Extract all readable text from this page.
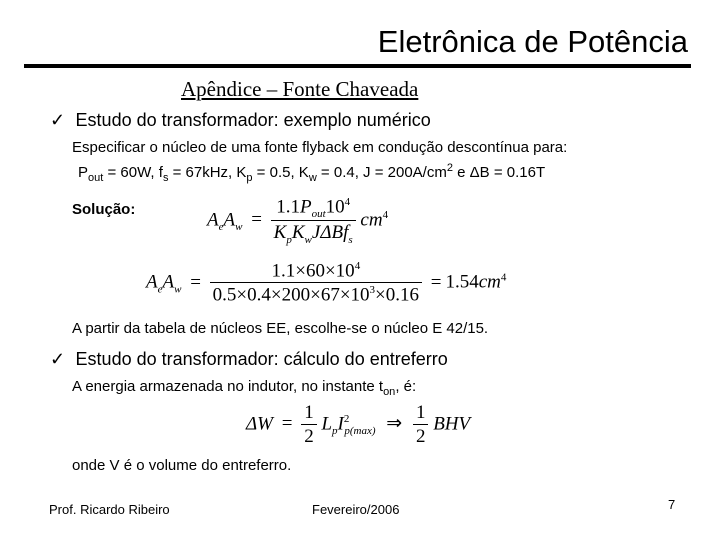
Eletrônica de Potência
Apêndice – Fonte Chaveada
✓ Estudo do transformador: exemplo numérico
Especificar o núcleo de uma fonte flyback em condução descontínua para:
$P_{out} = 60W$, $f_s = 67kHz$, $K_p = 0.5$, $K_w = 0.4$, $J = 200A/cm^2$ e ΔB = 0.16T
Solução:	$A_eA_w = \frac{1.1P_{out}10^4}{K_pK_wJ\Delta Bf_s} cm^4$
$A_eA_w = \frac{1.1\times 60\times 10^4}{0.5\times 0.4\times 200\times 67\times 10^3\times 0.16} = 1.54cm^4$
A partir da tabela de núcleos EE, escolhe-se o núcleo E 42/15.
✓ Estudo do transformador: cálculo do entreferro
A energia armazenada no indutor, no instante $t_{on}$, é:
$\Delta W = \frac{1}{2} L_pI^2_{p(max)}$ ⇒ $\frac{1}{2}$ BHV
onde V é o volume do entreferro.
Prof. Ricardo Ribeiro	Fevereiro/2006	7
